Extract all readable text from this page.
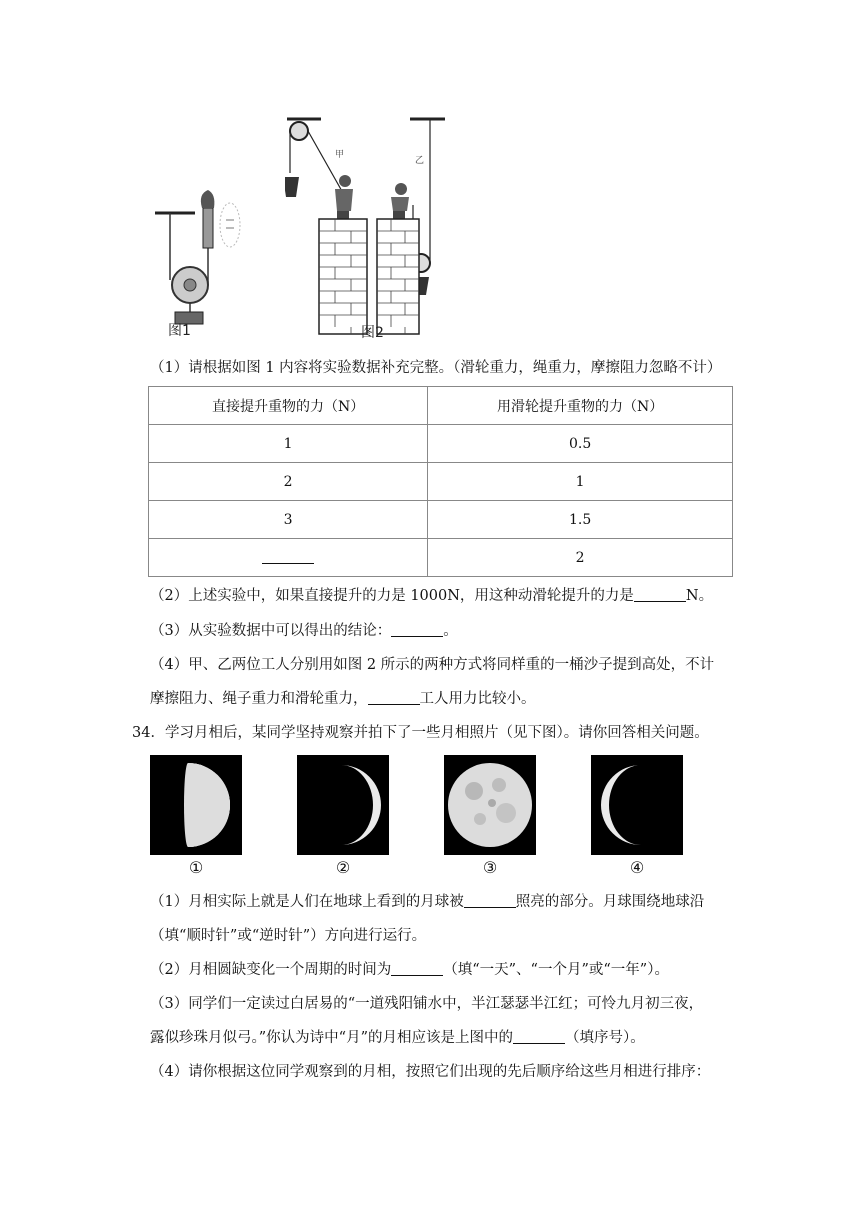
图1
甲
乙
图2
（1）请根据如图 1 内容将实验数据补充完整。（滑轮重力，绳重力，摩擦阻力忽略不计）
直接提升重物的力（N）	用滑轮提升重物的力（N）
1	0.5
2	1
3	1.5
	2
（2）上述实验中，如果直接提升的力是 1000N，用这种动滑轮提升的力是	N。
（3）从实验数据中可以得出的结论：	。
（4）甲、乙两位工人分别用如图 2 所示的两种方式将同样重的一桶沙子提到高处，不计
摩擦阻力、绳子重力和滑轮重力，	工人用力比较小。
34．学习月相后，某同学坚持观察并拍下了一些月相照片（见下图）。请你回答相关问题。
①	②	③	④
（1）月相实际上就是人们在地球上看到的月球被	照亮的部分。月球围绕地球沿
（填“顺时针”或“逆时针”）方向进行运行。
（2）月相圆缺变化一个周期的时间为	（填“一天”、“一个月”或“一年”）。
（3）同学们一定读过白居易的“一道残阳铺水中，半江瑟瑟半江红；可怜九月初三夜，
露似珍珠月似弓。”你认为诗中“月”的月相应该是上图中的	（填序号）。
（4）请你根据这位同学观察到的月相，按照它们出现的先后顺序给这些月相进行排序：
